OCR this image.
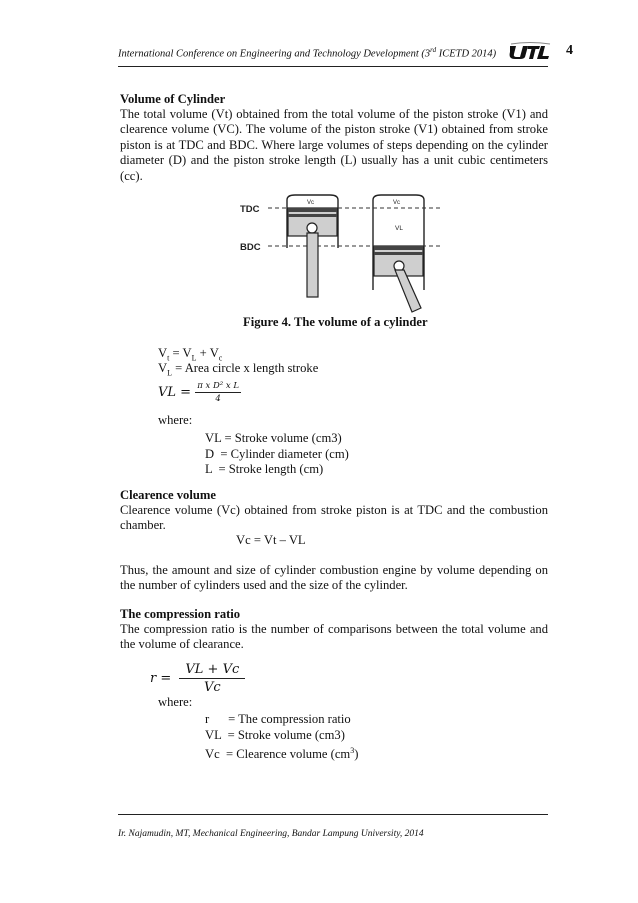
International Conference on Engineering and Technology Development (3rd ICETD 2014)	4
Volume of Cylinder
The total volume (Vt) obtained from the total volume of the piston stroke (V1) and clearence volume (VC). The volume of the piston stroke (V1) obtained from stroke piston is at TDC and BDC. Where large volumes of steps depending on the cylinder diameter (D) and the piston stroke length (L) usually has a unit cubic centimeters (cc).
TDC
BDC
Vc	Vc
VL
Figure 4. The volume of a cylinder
$V_t = V_L + V_c$
$V_L$ = Area circle x length stroke
VL = $\frac{\text{π x D² x L}}{4}$
where:
VL = Stroke volume (cm3)
D  = Cylinder diameter (cm)
L  = Stroke length (cm)
Clearence volume
Clearence volume (Vc) obtained from stroke piston is at TDC and the combustion chamber.
Vc = Vt – VL
Thus, the amount and size of cylinder combustion engine by volume depending on the number of cylinders used and the size of the cylinder.
The compression ratio
The compression ratio is the number of comparisons between the total volume and the volume of clearance.
$r = \frac{VL + Vc}{Vc}$
where:
r      = The compression ratio
VL  = Stroke volume (cm3)
Vc  = Clearence volume $(cm^3)$
Ir. Najamudin, MT, Mechanical Engineering, Bandar Lampung University, 2014
